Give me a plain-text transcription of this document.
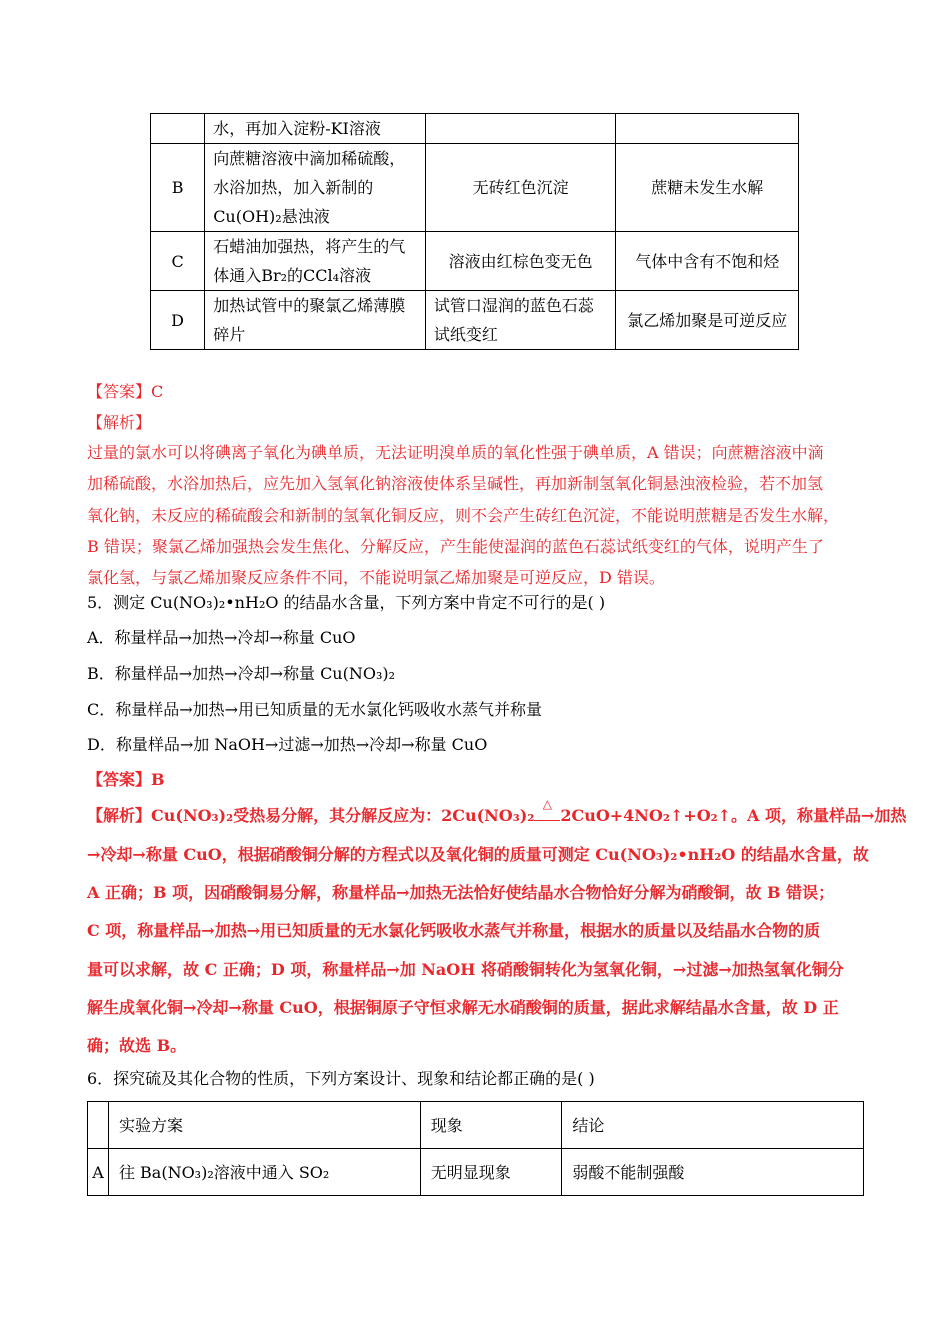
	水，再加入淀粉-KI溶液		
B	向蔗糖溶液中滴加稀硫酸，
水浴加热，加入新制的
Cu(OH)₂悬浊液	无砖红色沉淀	蔗糖未发生水解
C	石蜡油加强热，将产生的气
体通入Br₂的CCl₄溶液	溶液由红棕色变无色	气体中含有不饱和烃
D	加热试管中的聚氯乙烯薄膜
碎片	试管口湿润的蓝色石蕊试纸变红	氯乙烯加聚是可逆反应
【答案】C
【解析】
过量的氯水可以将碘离子氧化为碘单质，无法证明溴单质的氧化性强于碘单质，A 错误；向蔗糖溶液中滴
加稀硫酸，水浴加热后，应先加入氢氧化钠溶液使体系呈碱性，再加新制氢氧化铜悬浊液检验，若不加氢
氧化钠，未反应的稀硫酸会和新制的氢氧化铜反应，则不会产生砖红色沉淀，不能说明蔗糖是否发生水解，
B 错误；聚氯乙烯加强热会发生焦化、分解反应，产生能使湿润的蓝色石蕊试纸变红的气体，说明产生了
氯化氢，与氯乙烯加聚反应条件不同，不能说明氯乙烯加聚是可逆反应，D 错误。
5．测定 Cu(NO₃)₂•nH₂O 的结晶水含量，下列方案中肯定不可行的是( )
A．称量样品→加热→冷却→称量 CuO
B．称量样品→加热→冷却→称量 Cu(NO₃)₂
C．称量样品→加热→用已知质量的无水氯化钙吸收水蒸气并称量
D．称量样品→加 NaOH→过滤→加热→冷却→称量 CuO
【答案】B
【解析】Cu(NO₃)₂受热易分解，其分解反应为：2Cu(NO₃)₂
△
2CuO+4NO₂↑+O₂↑。A 项，称量样品→加热
→冷却→称量 CuO，根据硝酸铜分解的方程式以及氧化铜的质量可测定 Cu(NO₃)₂•nH₂O 的结晶水含量，故
A 正确；B 项，因硝酸铜易分解，称量样品→加热无法恰好使结晶水合物恰好分解为硝酸铜，故 B 错误；
C 项，称量样品→加热→用已知质量的无水氯化钙吸收水蒸气并称量，根据水的质量以及结晶水合物的质
量可以求解，故 C 正确；D 项，称量样品→加 NaOH 将硝酸铜转化为氢氧化铜，→过滤→加热氢氧化铜分
解生成氧化铜→冷却→称量 CuO，根据铜原子守恒求解无水硝酸铜的质量，据此求解结晶水含量，故 D 正
确；故选 B。
6．探究硫及其化合物的性质，下列方案设计、现象和结论都正确的是( )
	实验方案	现象	结论
A	往 Ba(NO₃)₂溶液中通入 SO₂	无明显现象	弱酸不能制强酸
